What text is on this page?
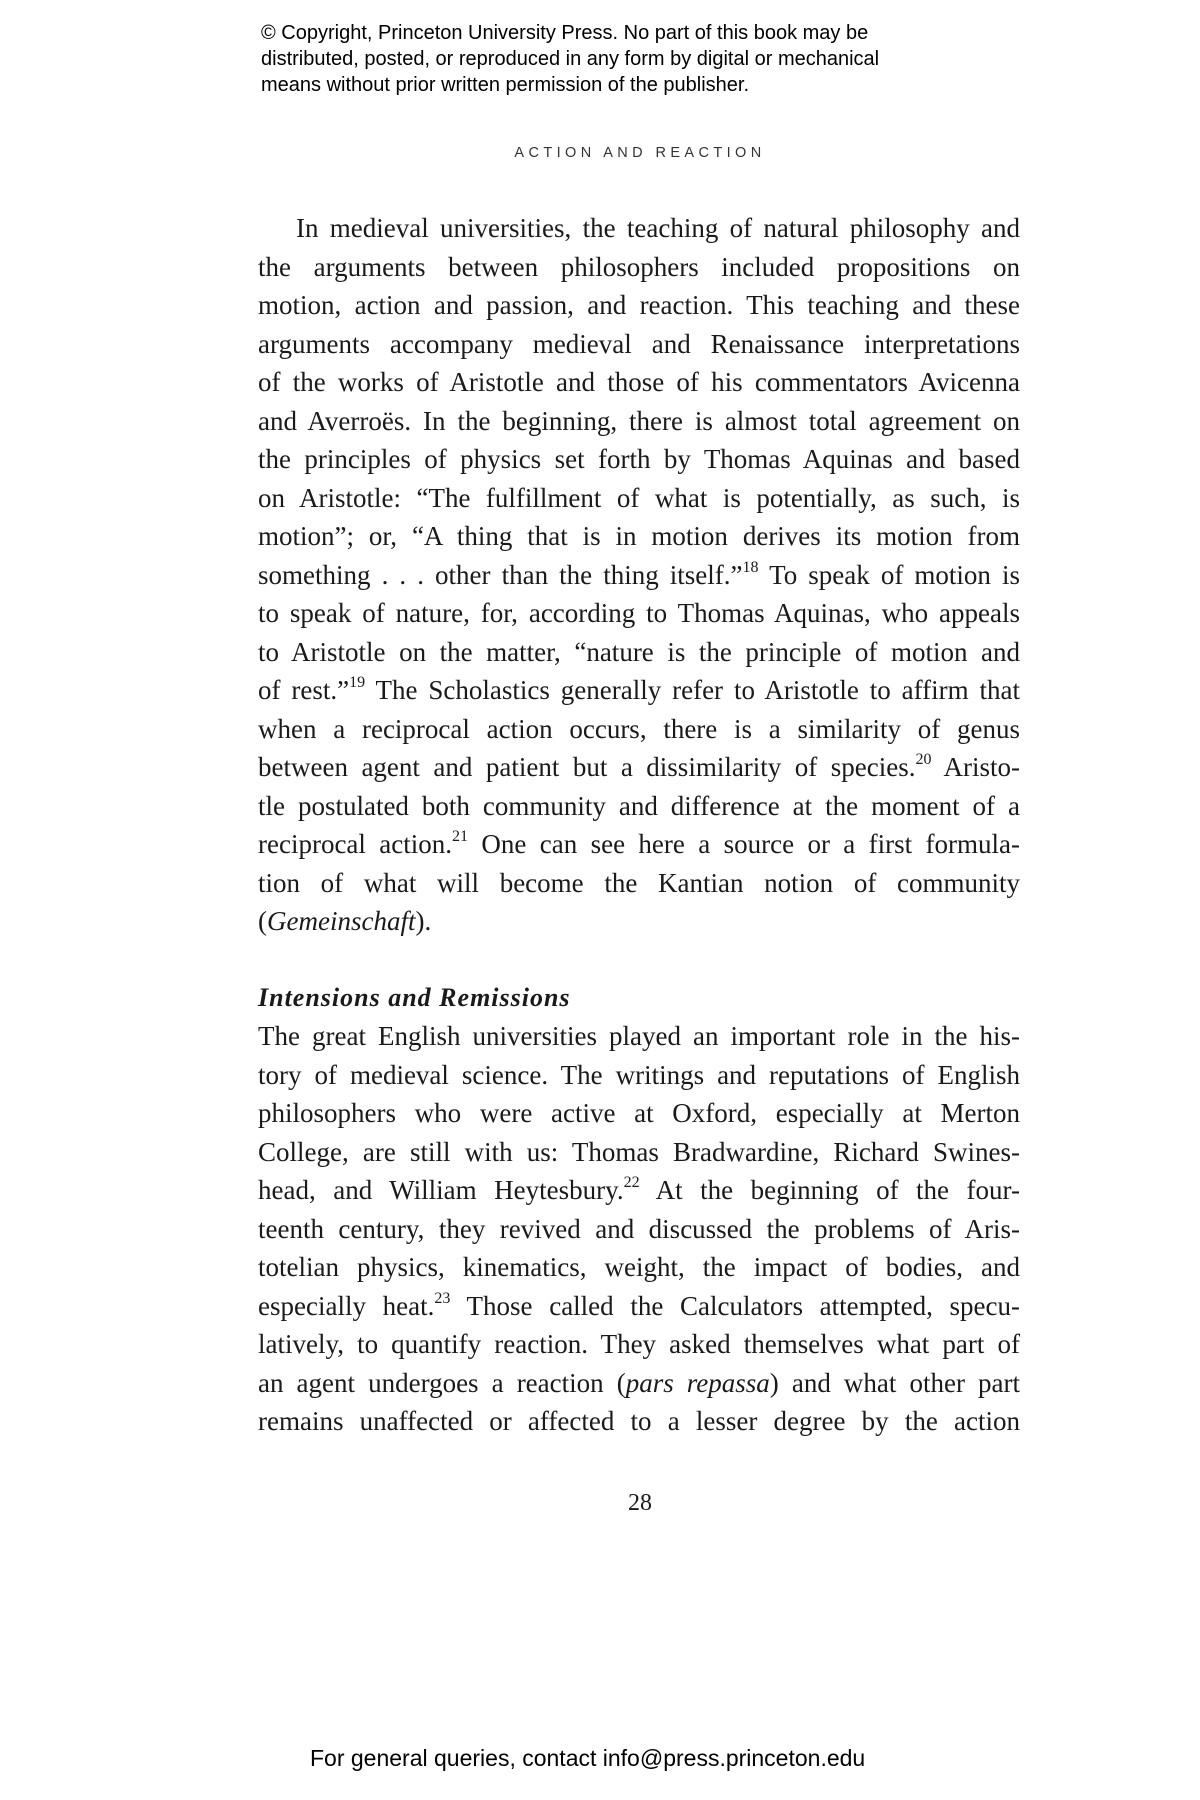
© Copyright, Princeton University Press. No part of this book may be
distributed, posted, or reproduced in any form by digital or mechanical
means without prior written permission of the publisher.
ACTION AND REACTION
In medieval universities, the teaching of natural philosophy and
the arguments between philosophers included propositions on
motion, action and passion, and reaction. This teaching and these
arguments accompany medieval and Renaissance interpretations
of the works of Aristotle and those of his commentators Avicenna
and Averroës. In the beginning, there is almost total agreement on
the principles of physics set forth by Thomas Aquinas and based
on Aristotle: “The fulfillment of what is potentially, as such, is
motion”; or, “A thing that is in motion derives its motion from
something . . . other than the thing itself.”$^{18}$ To speak of motion is
to speak of nature, for, according to Thomas Aquinas, who appeals
to Aristotle on the matter, “nature is the principle of motion and
of rest.”$^{19}$ The Scholastics generally refer to Aristotle to affirm that
when a reciprocal action occurs, there is a similarity of genus
between agent and patient but a dissimilarity of species.$^{20}$ Aristo-
tle postulated both community and difference at the moment of a
reciprocal action.$^{21}$ One can see here a source or a first formula-
tion of what will become the Kantian notion of community
(Gemeinschaft).
Intensions and Remissions
The great English universities played an important role in the his-
tory of medieval science. The writings and reputations of English
philosophers who were active at Oxford, especially at Merton
College, are still with us: Thomas Bradwardine, Richard Swines-
head, and William Heytesbury.$^{22}$ At the beginning of the four-
teenth century, they revived and discussed the problems of Aris-
totelian physics, kinematics, weight, the impact of bodies, and
especially heat.$^{23}$ Those called the Calculators attempted, specu-
latively, to quantify reaction. They asked themselves what part of
an agent undergoes a reaction (pars repassa) and what other part
remains unaffected or affected to a lesser degree by the action
28
For general queries, contact info@press.princeton.edu
